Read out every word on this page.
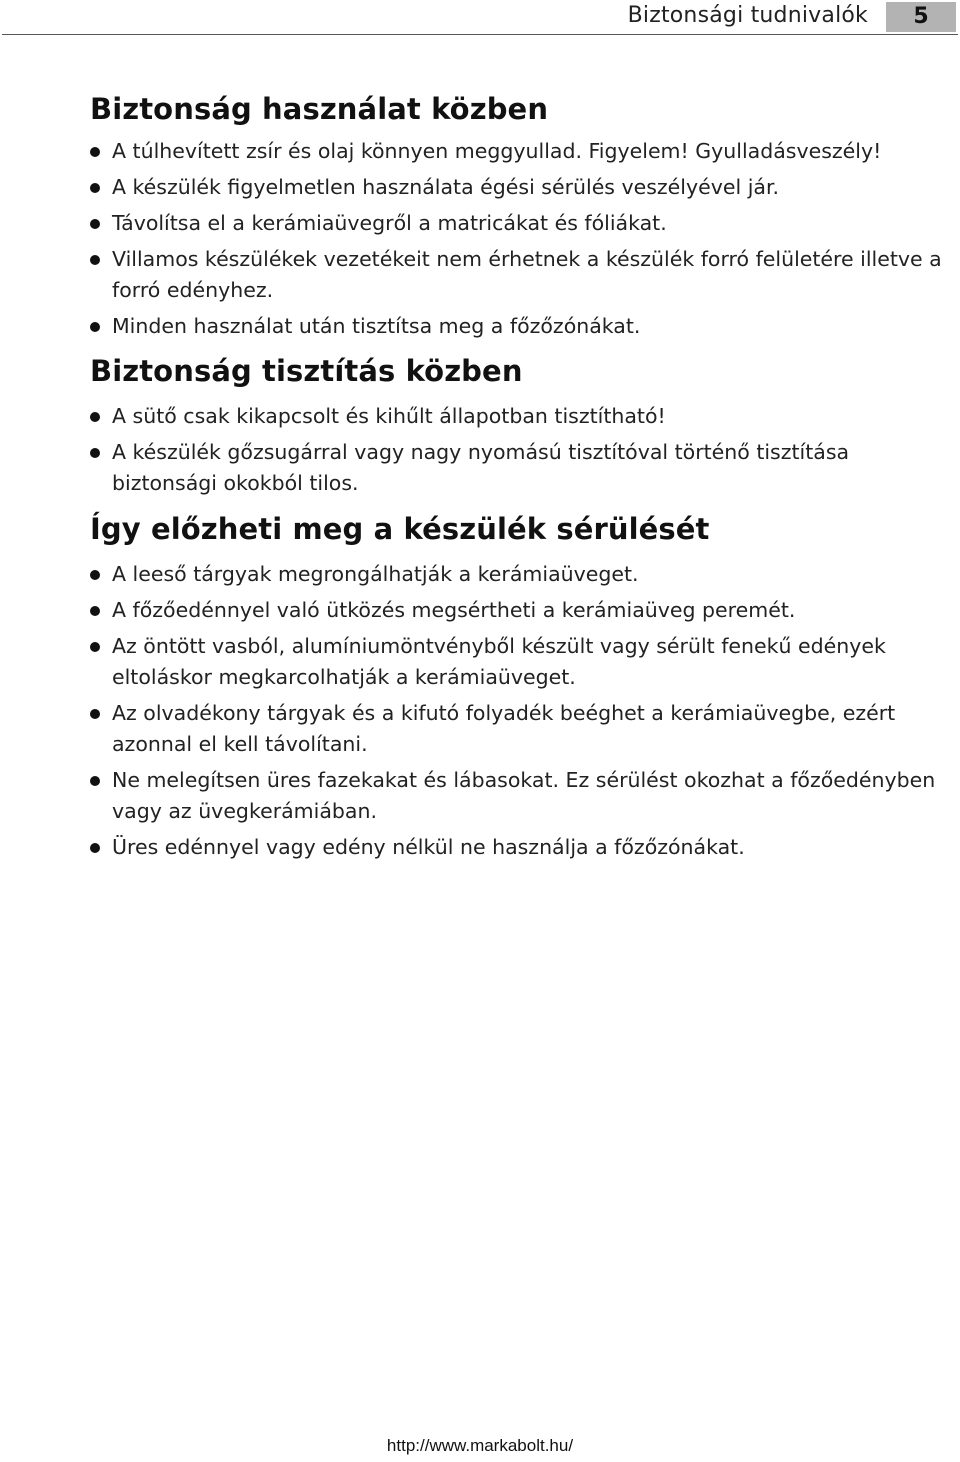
Biztonsági tudnivalók	5
Biztonság használat közben
A túlhevített zsír és olaj könnyen meggyullad. Figyelem! Gyulladásveszély!
A készülék figyelmetlen használata égési sérülés veszélyével jár.
Távolítsa el a kerámiaüvegről a matricákat és fóliákat.
Villamos készülékek vezetékeit nem érhetnek a készülék forró felületére illetve a forró edényhez.
Minden használat után tisztítsa meg a főzőzónákat.
Biztonság tisztítás közben
A sütő csak kikapcsolt és kihűlt állapotban tisztítható!
A készülék gőzsugárral vagy nagy nyomású tisztítóval történő tisztítása biztonsági okokból tilos.
Így előzheti meg a készülék sérülését
A leeső tárgyak megrongálhatják a kerámiaüveget.
A főzőedénnyel való ütközés megsértheti a kerámiaüveg peremét.
Az öntött vasból, alumíniumöntvényből készült vagy sérült fenekű edények eltoláskor megkarcolhatják a kerámiaüveget.
Az olvadékony tárgyak és a kifutó folyadék beéghet a kerámiaüvegbe, ezért azonnal el kell távolítani.
Ne melegítsen üres fazekakat és lábasokat. Ez sérülést okozhat a főzőedényben vagy az üvegkerámiában.
Üres edénnyel vagy edény nélkül ne használja a főzőzónákat.
http://www.markabolt.hu/
